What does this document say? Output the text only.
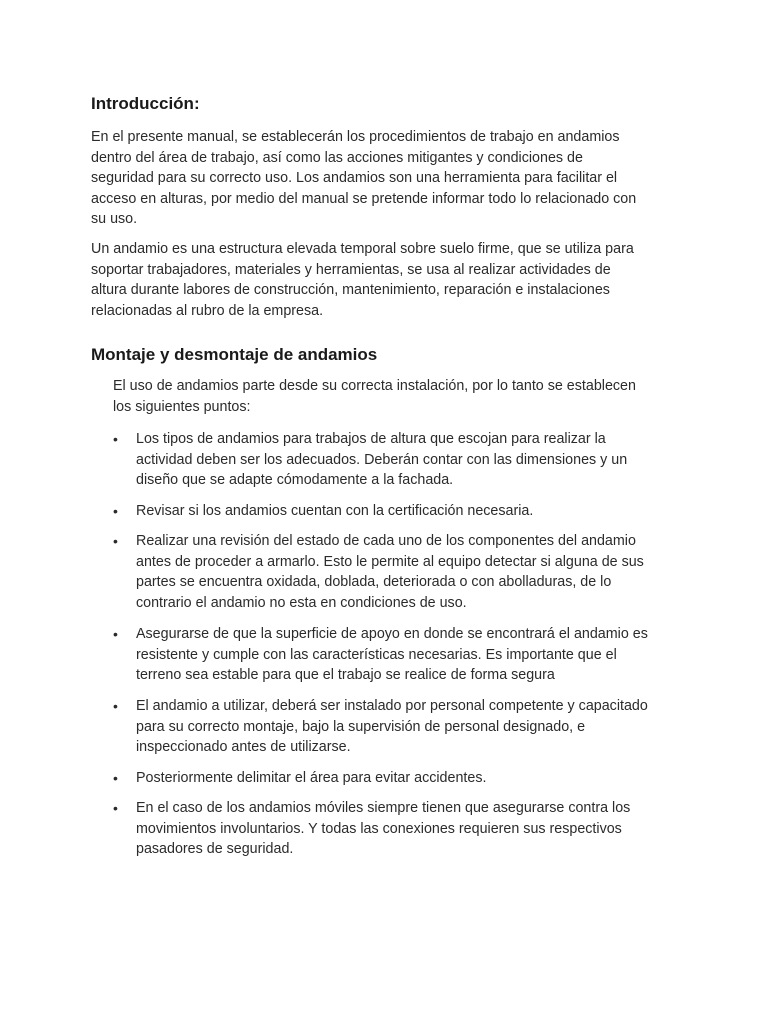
Introducción:
En el presente manual, se establecerán los procedimientos de trabajo en andamios
dentro del área de trabajo, así como las acciones mitigantes y condiciones de
seguridad para su correcto uso. Los andamios son una herramienta para facilitar el
acceso en alturas, por medio del manual se pretende informar todo lo relacionado con
su uso.
Un andamio es una estructura elevada temporal sobre suelo firme, que se utiliza para
soportar trabajadores, materiales y herramientas, se usa al realizar actividades de
altura durante labores de construcción, mantenimiento, reparación e instalaciones
relacionadas al rubro de la empresa.
Montaje y desmontaje de andamios
El uso de andamios parte desde su correcta instalación, por lo tanto se establecen
los siguientes puntos:
•	Los tipos de andamios para trabajos de altura que escojan para realizar la
actividad deben ser los adecuados. Deberán contar con las dimensiones y un
diseño que se adapte cómodamente a la fachada.
•	Revisar si los andamios cuentan con la certificación necesaria.
•	Realizar una revisión del estado de cada uno de los componentes del andamio
antes de proceder a armarlo. Esto le permite al equipo detectar si alguna de sus
partes se encuentra oxidada, doblada, deteriorada o con abolladuras, de lo
contrario el andamio no esta en condiciones de uso.
•	Asegurarse de que la superficie de apoyo en donde se encontrará el andamio es
resistente y cumple con las características necesarias. Es importante que el
terreno sea estable para que el trabajo se realice de forma segura
•	El andamio a utilizar, deberá ser instalado por personal competente y capacitado
para su correcto montaje, bajo la supervisión de personal designado, e
inspeccionado antes de utilizarse.
•	Posteriormente delimitar el área para evitar accidentes.
•	En el caso de los andamios móviles siempre tienen que asegurarse contra los
movimientos involuntarios. Y todas las conexiones requieren sus respectivos
pasadores de seguridad.
